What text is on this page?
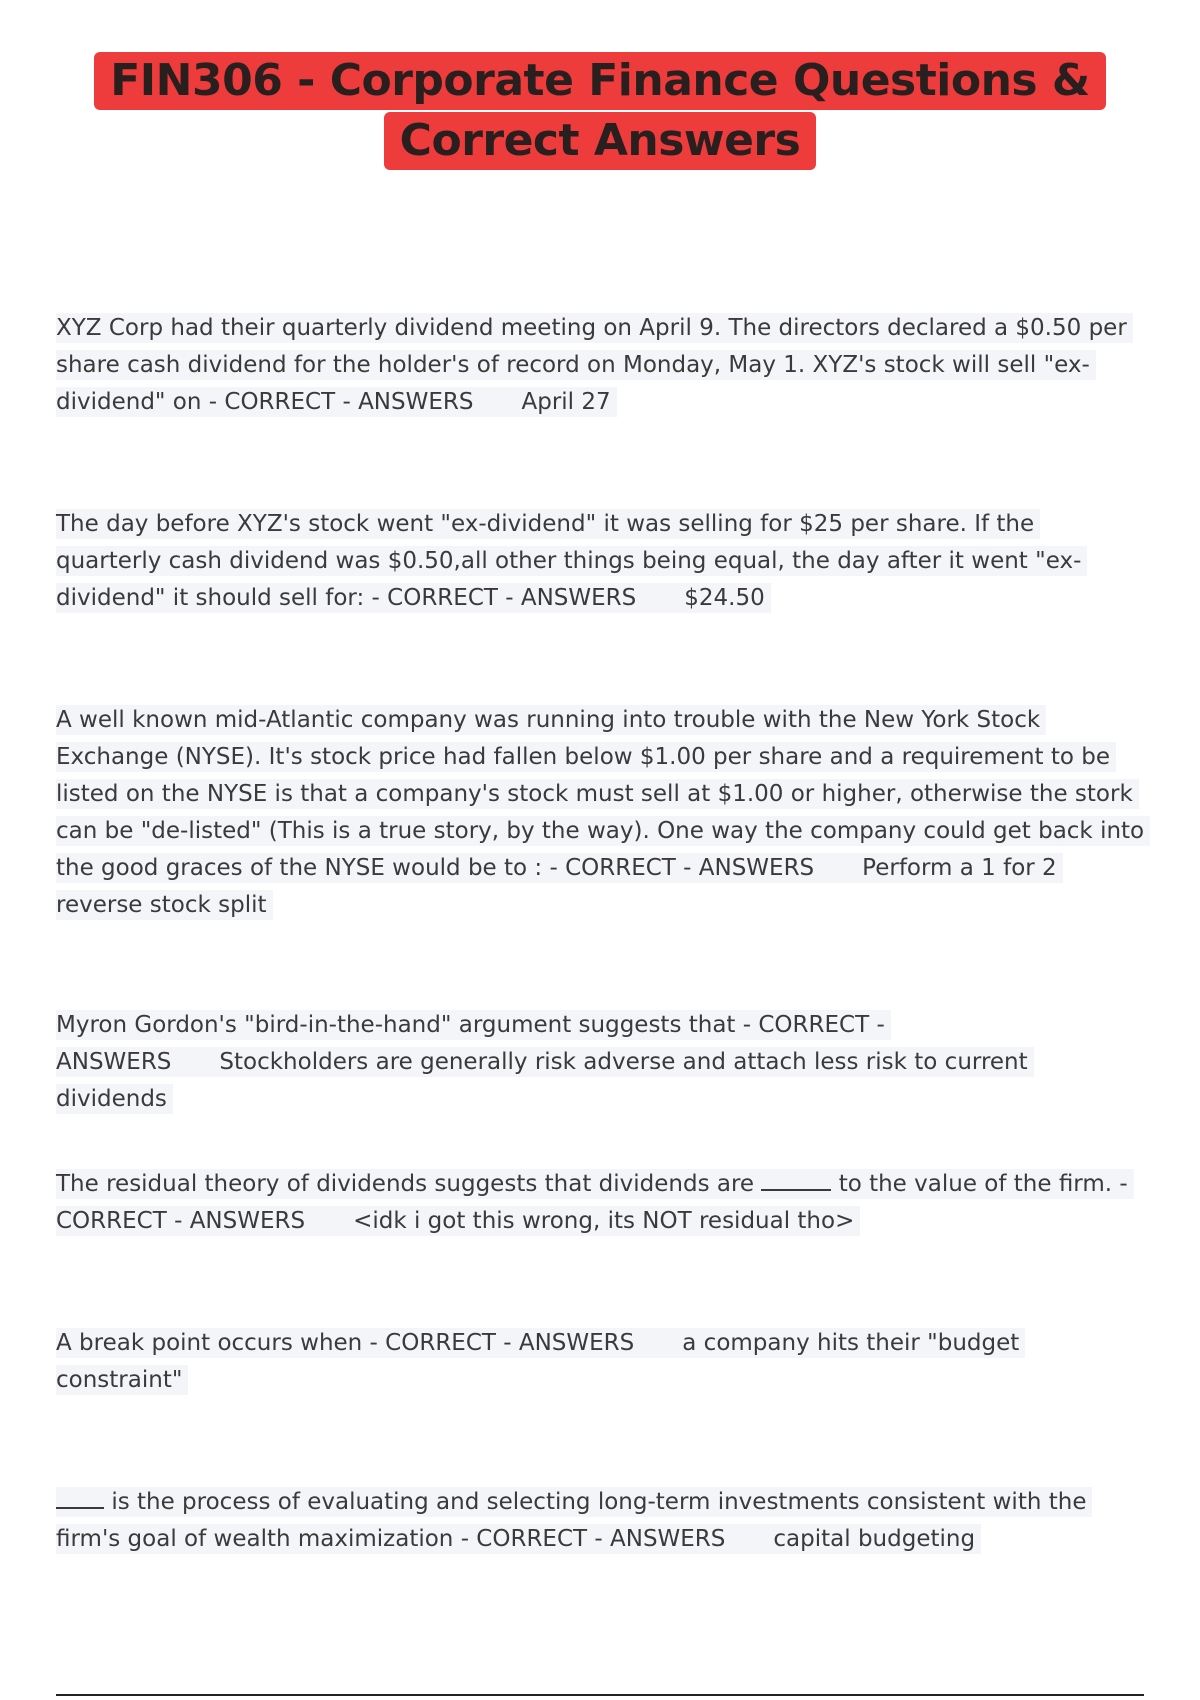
FIN306 - Corporate Finance Questions &
Correct Answers

XYZ Corp had their quarterly dividend meeting on April 9. The directors declared a $0.50 per share cash dividend for the holder's of record on Monday, May 1. XYZ's stock will sell "ex-dividend" on - CORRECT - ANSWERS April 27

The day before XYZ's stock went "ex-dividend" it was selling for $25 per share. If the quarterly cash dividend was $0.50,all other things being equal, the day after it went "ex-dividend" it should sell for: - CORRECT - ANSWERS $24.50

A well known mid-Atlantic company was running into trouble with the New York Stock Exchange (NYSE). It's stock price had fallen below $1.00 per share and a requirement to be listed on the NYSE is that a company's stock must sell at $1.00 or higher, otherwise the stork can be "de-listed" (This is a true story, by the way). One way the company could get back into the good graces of the NYSE would be to : - CORRECT - ANSWERS Perform a 1 for 2 reverse stock split

Myron Gordon's "bird-in-the-hand" argument suggests that - CORRECT - ANSWERS Stockholders are generally risk adverse and attach less risk to current dividends

The residual theory of dividends suggests that dividends are	to the value of the firm. - CORRECT - ANSWERS <idk i got this wrong, its NOT residual tho>

A break point occurs when - CORRECT - ANSWERS a company hits their "budget constraint"

is the process of evaluating and selecting long-term investments consistent with the firm's goal of wealth maximization - CORRECT - ANSWERS capital budgeting
